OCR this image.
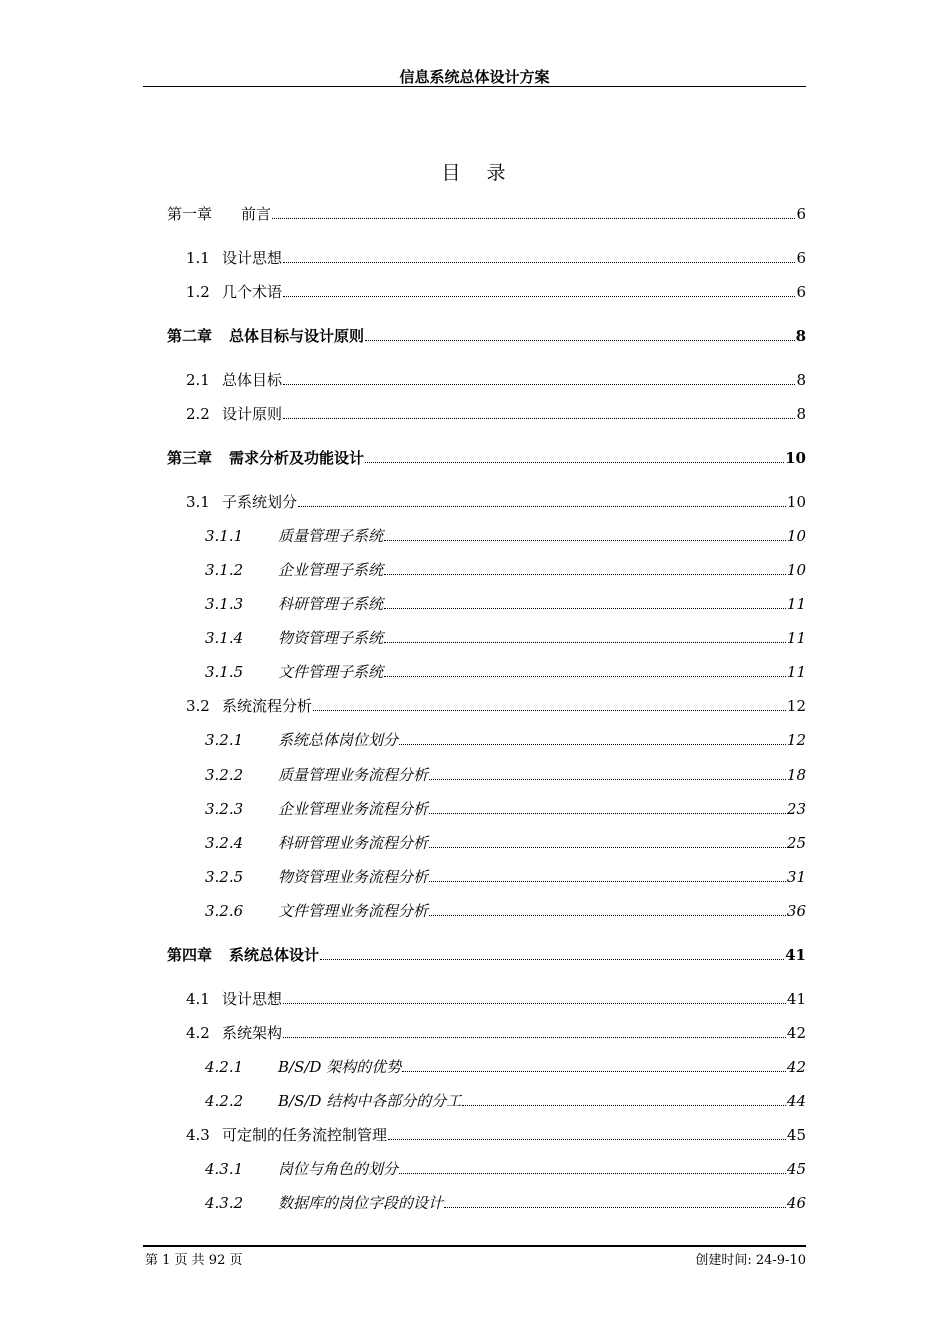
信息系统总体设计方案
目 录
第一章	前言	6
1.1 设计思想	6
1.2 几个术语	6
第二章	总体目标与设计原则	8
2.1 总体目标	8
2.2 设计原则	8
第三章	需求分析及功能设计	10
3.1 子系统划分	10
3.1.1	质量管理子系统	10
3.1.2	企业管理子系统	10
3.1.3	科研管理子系统	11
3.1.4	物资管理子系统	11
3.1.5	文件管理子系统	11
3.2 系统流程分析	12
3.2.1	系统总体岗位划分	12
3.2.2	质量管理业务流程分析	18
3.2.3	企业管理业务流程分析	23
3.2.4	科研管理业务流程分析	25
3.2.5	物资管理业务流程分析	31
3.2.6	文件管理业务流程分析	36
第四章	系统总体设计	41
4.1 设计思想	41
4.2 系统架构	42
4.2.1	B/S/D 架构的优势	42
4.2.2	B/S/D 结构中各部分的分工	44
4.3 可定制的任务流控制管理	45
4.3.1	岗位与角色的划分	45
4.3.2	数据库的岗位字段的设计	46
第 1 页 共 92 页	创建时间: 24-9-10
